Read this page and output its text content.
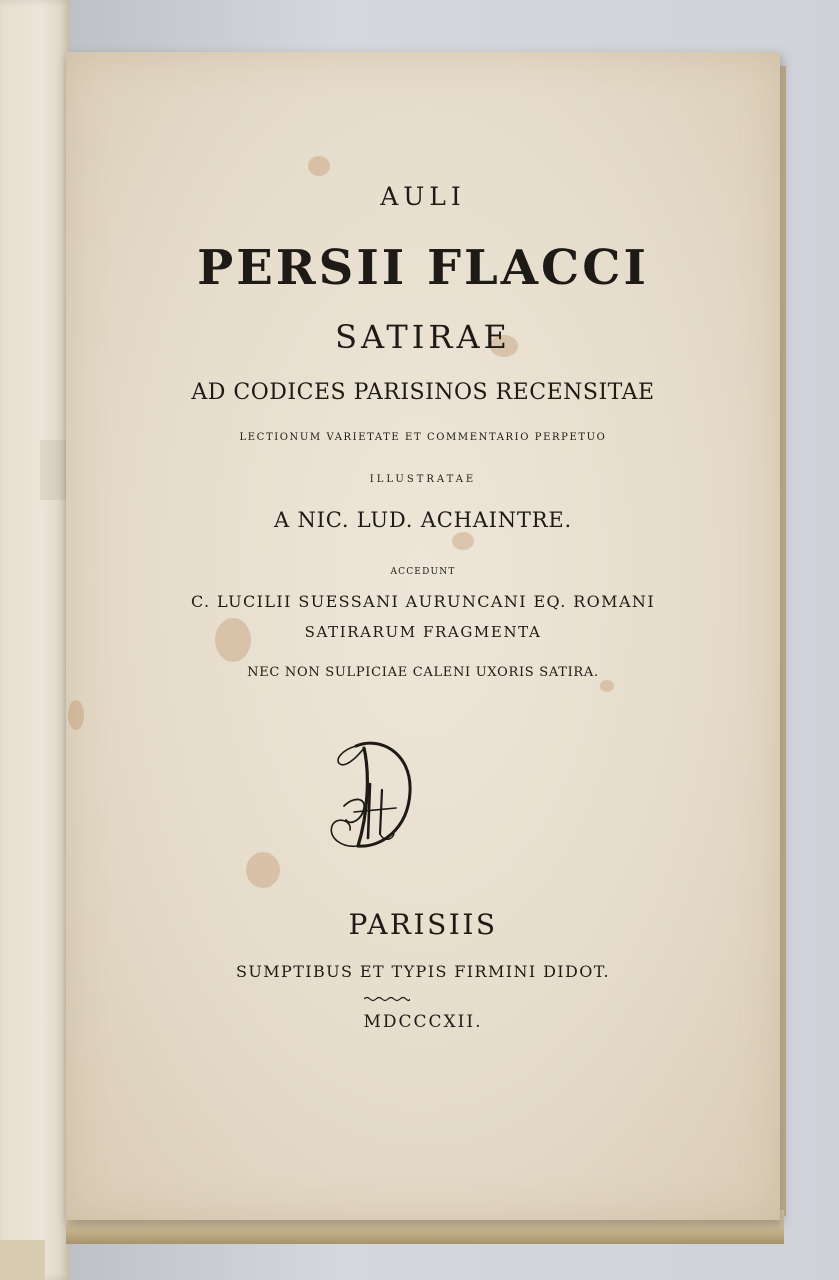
AULI
PERSII FLACCI
SATIRAE
AD CODICES PARISINOS RECENSITAE
LECTIONUM VARIETATE ET COMMENTARIO PERPETUO
ILLUSTRATAE
A NIC. LUD. ACHAINTRE.
ACCEDUNT
C. LUCILII SUESSANI AURUNCANI EQ. ROMANI
SATIRARUM FRAGMENTA
NEC NON SULPICIAE CALENI UXORIS SATIRA.
PARISIIS
SUMPTIBUS ET TYPIS FIRMINI DIDOT.
MDCCCXII.
